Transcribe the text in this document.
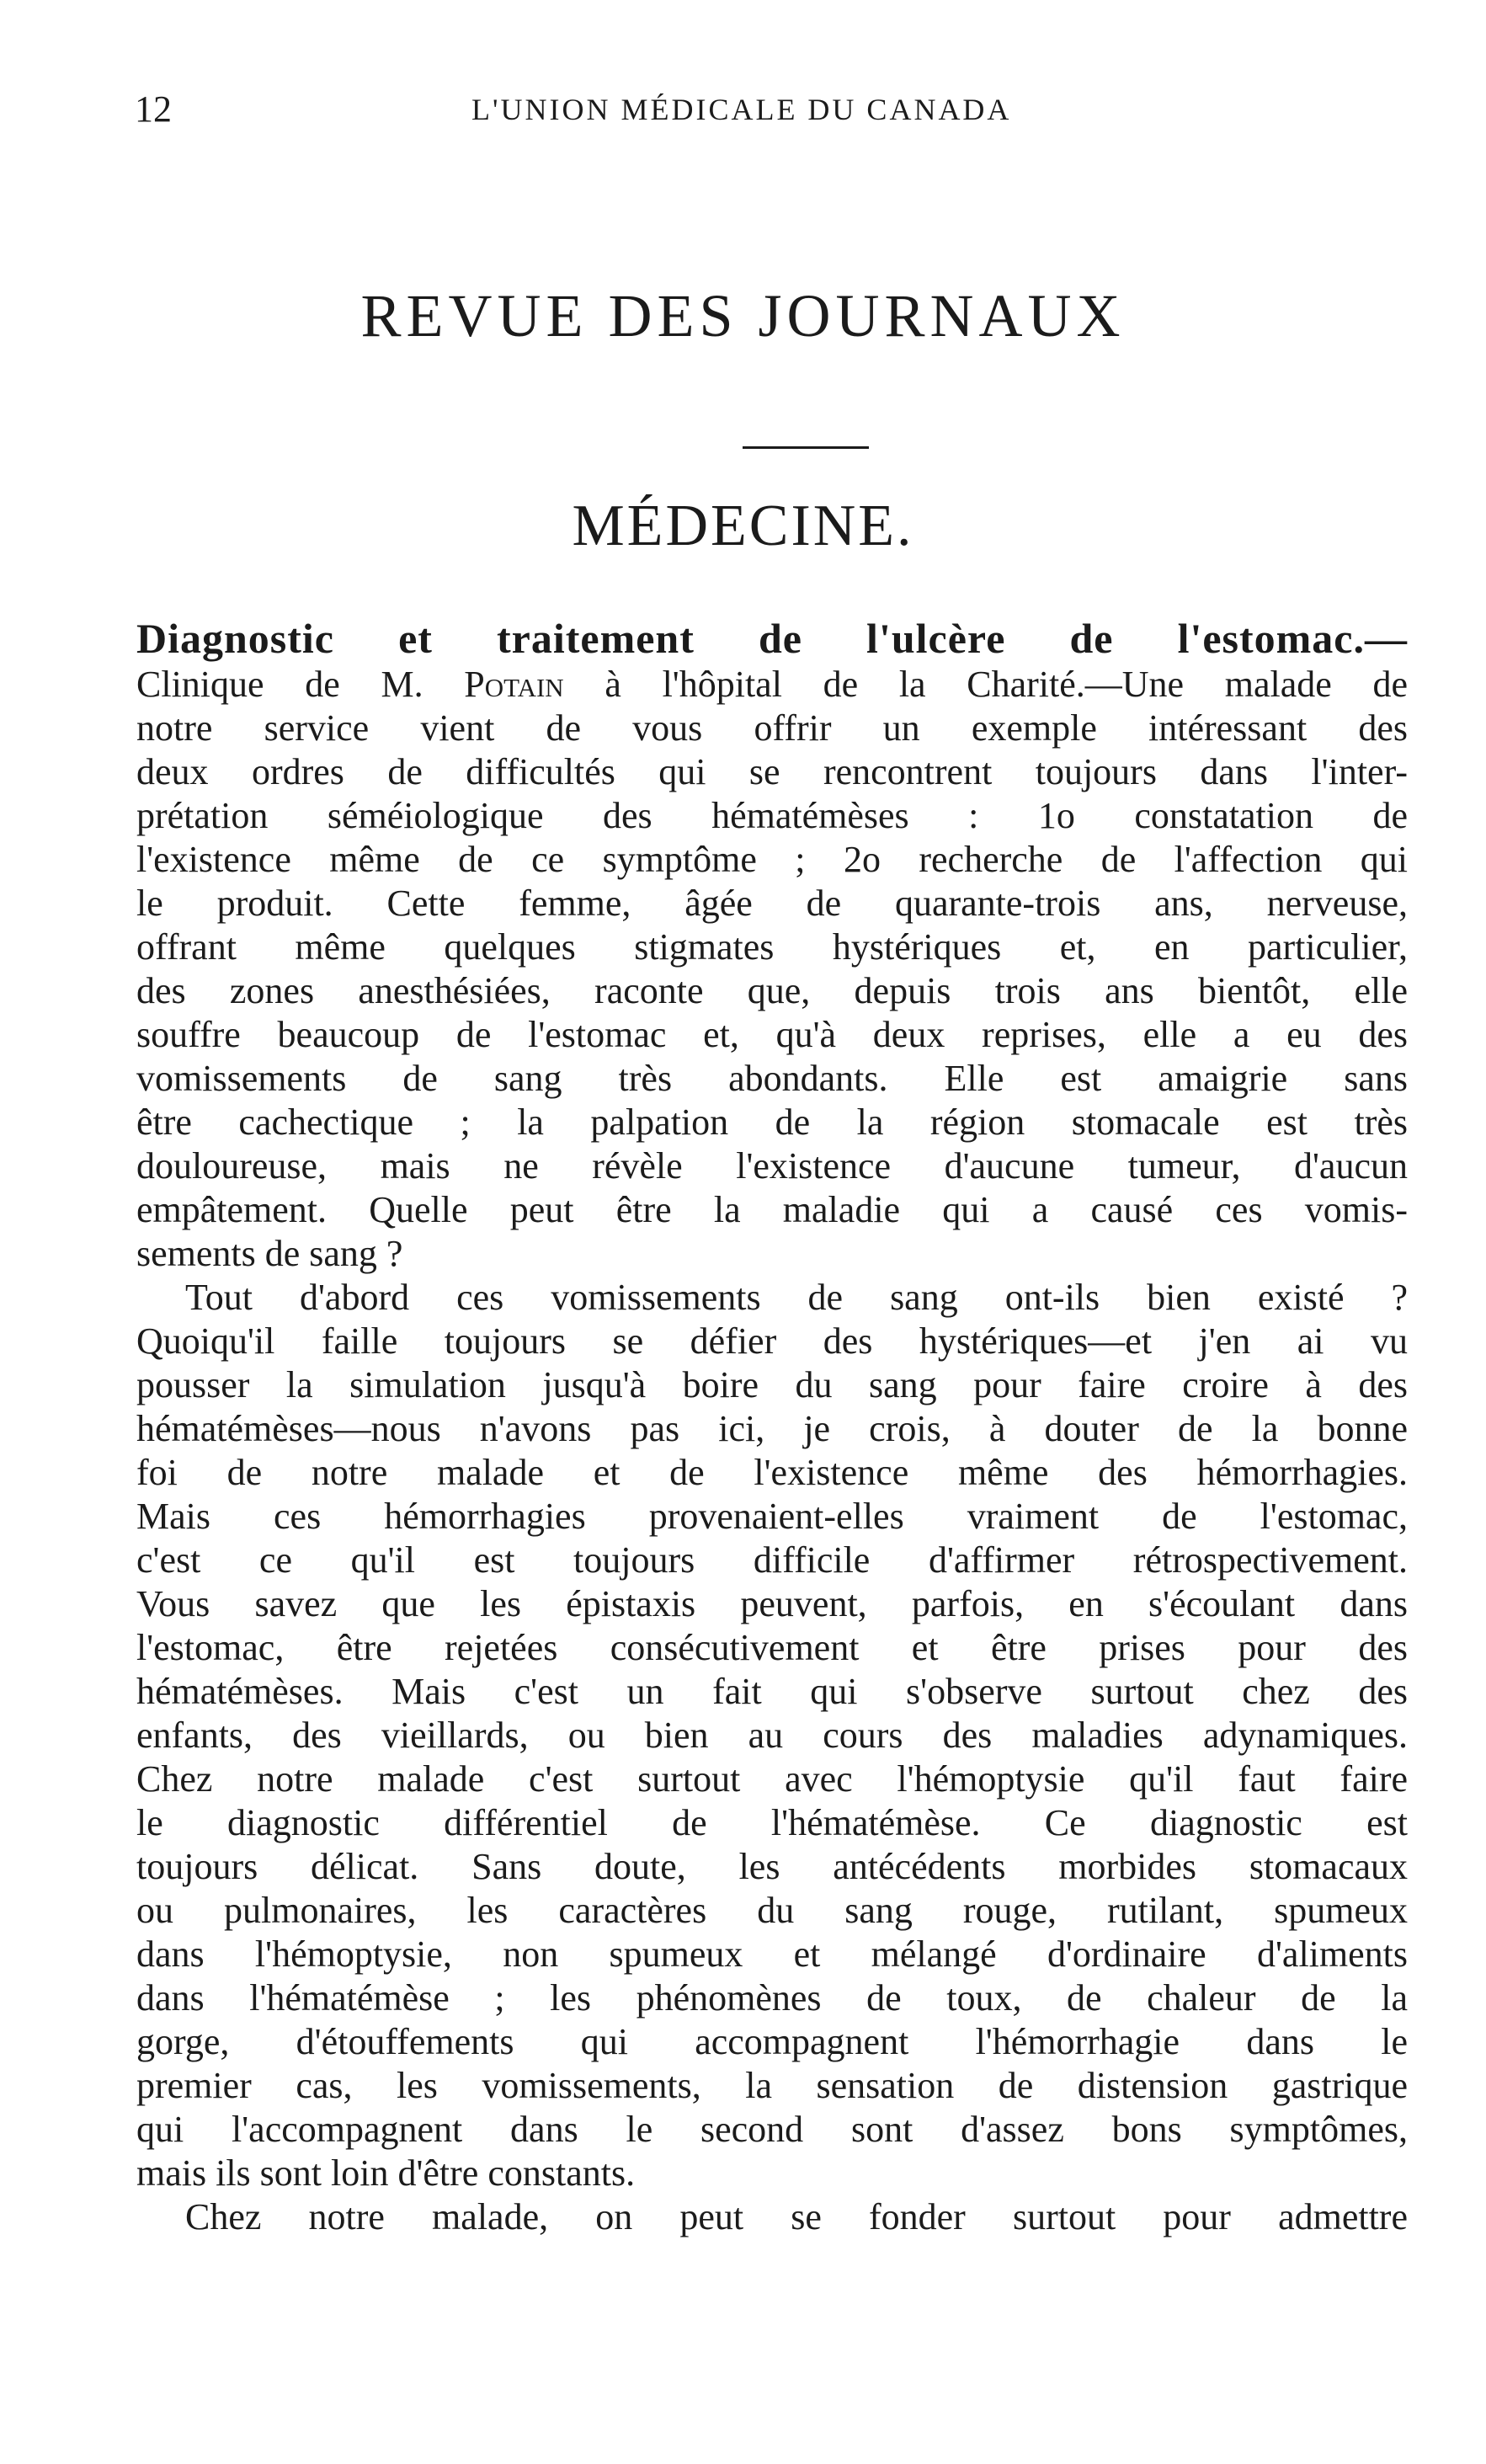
12	L'UNION MÉDICALE DU CANADA
REVUE DES JOURNAUX
MÉDECINE.

Diagnostic et traitement de l'ulcère de l'estomac.—

Clinique de M. Potain à l'hôpital de la Charité.—Une malade de

notre service vient de vous offrir un exemple intéressant des

deux ordres de difficultés qui se rencontrent toujours dans l'inter-

prétation séméiologique des hématémèses : 1o constatation de

l'existence même de ce symptôme ; 2o recherche de l'affection qui

le produit. Cette femme, âgée de quarante-trois ans, nerveuse,

offrant même quelques stigmates hystériques et, en particulier,

des zones anesthésiées, raconte que, depuis trois ans bientôt, elle

souffre beaucoup de l'estomac et, qu'à deux reprises, elle a eu des

vomissements de sang très abondants. Elle est amaigrie sans

être cachectique ; la palpation de la région stomacale est très

douloureuse, mais ne révèle l'existence d'aucune tumeur, d'aucun

empâtement. Quelle peut être la maladie qui a causé ces vomis-

sements de sang ?

Tout d'abord ces vomissements de sang ont-ils bien existé ?

Quoiqu'il faille toujours se défier des hystériques—et j'en ai vu

pousser la simulation jusqu'à boire du sang pour faire croire à des

hématémèses—nous n'avons pas ici, je crois, à douter de la bonne

foi de notre malade et de l'existence même des hémorrhagies.

Mais ces hémorrhagies provenaient-elles vraiment de l'estomac,

c'est ce qu'il est toujours difficile d'affirmer rétrospectivement.

Vous savez que les épistaxis peuvent, parfois, en s'écoulant dans

l'estomac, être rejetées consécutivement et être prises pour des

hématémèses. Mais c'est un fait qui s'observe surtout chez des

enfants, des vieillards, ou bien au cours des maladies adynamiques.

Chez notre malade c'est surtout avec l'hémoptysie qu'il faut faire

le diagnostic différentiel de l'hématémèse. Ce diagnostic est

toujours délicat. Sans doute, les antécédents morbides stomacaux

ou pulmonaires, les caractères du sang rouge, rutilant, spumeux

dans l'hémoptysie, non spumeux et mélangé d'ordinaire d'aliments

dans l'hématémèse ; les phénomènes de toux, de chaleur de la

gorge, d'étouffements qui accompagnent l'hémorrhagie dans le

premier cas, les vomissements, la sensation de distension gastrique

qui l'accompagnent dans le second sont d'assez bons symptômes,

mais ils sont loin d'être constants.

Chez notre malade, on peut se fonder surtout pour admettre
